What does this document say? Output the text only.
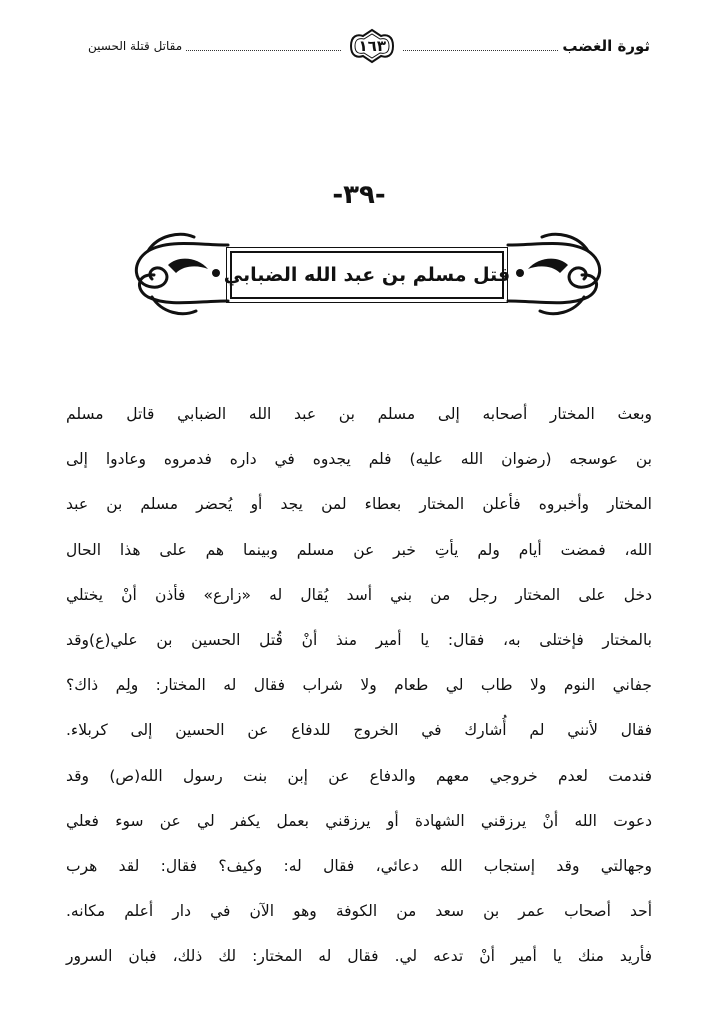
ثورة الغضب
١٦٣
مقاتل قتلة الحسين
-٣٩-
قتل مسلم بن عبد الله الضبابي
وبعث المختار أصحابه إلى مسلم بن عبد الله الضبابي قاتل مسلم
بن عوسجه (رضوان الله عليه) فلم يجدوه في داره فدمروه وعادوا إلى
المختار وأخبروه فأعلن المختار بعطاء لمن يجد أو يُحضر مسلم بن عبد
الله، فمضت أيام ولم يأتِ خبر عن مسلم وبينما هم على هذا الحال
دخل على المختار رجل من بني أسد يُقال له «زارع» فأذن أنْ يختلي
بالمختار فإختلى به، فقال: يا أمير منذ أنْ قُتل الحسين بن علي(ع)وقد
جفاني النوم ولا طاب لي طعام ولا شراب فقال له المختار: ولِم ذاك؟
فقال لأنني لم أُشارك في الخروج للدفاع عن الحسين إلى كربلاء.
فندمت لعدم خروجي معهم والدفاع عن إبن بنت رسول الله(ص) وقد
دعوت الله أنْ يرزقني الشهادة أو يرزقني بعمل يكفر لي عن سوء فعلي
وجهالتي وقد إستجاب الله دعائي، فقال له: وكيف؟ فقال: لقد هرب
أحد أصحاب عمر بن سعد من الكوفة وهو الآن في دار أعلم مكانه.
فأريد منك يا أمير أنْ تدعه لي. فقال له المختار: لك ذلك، فبان السرور
